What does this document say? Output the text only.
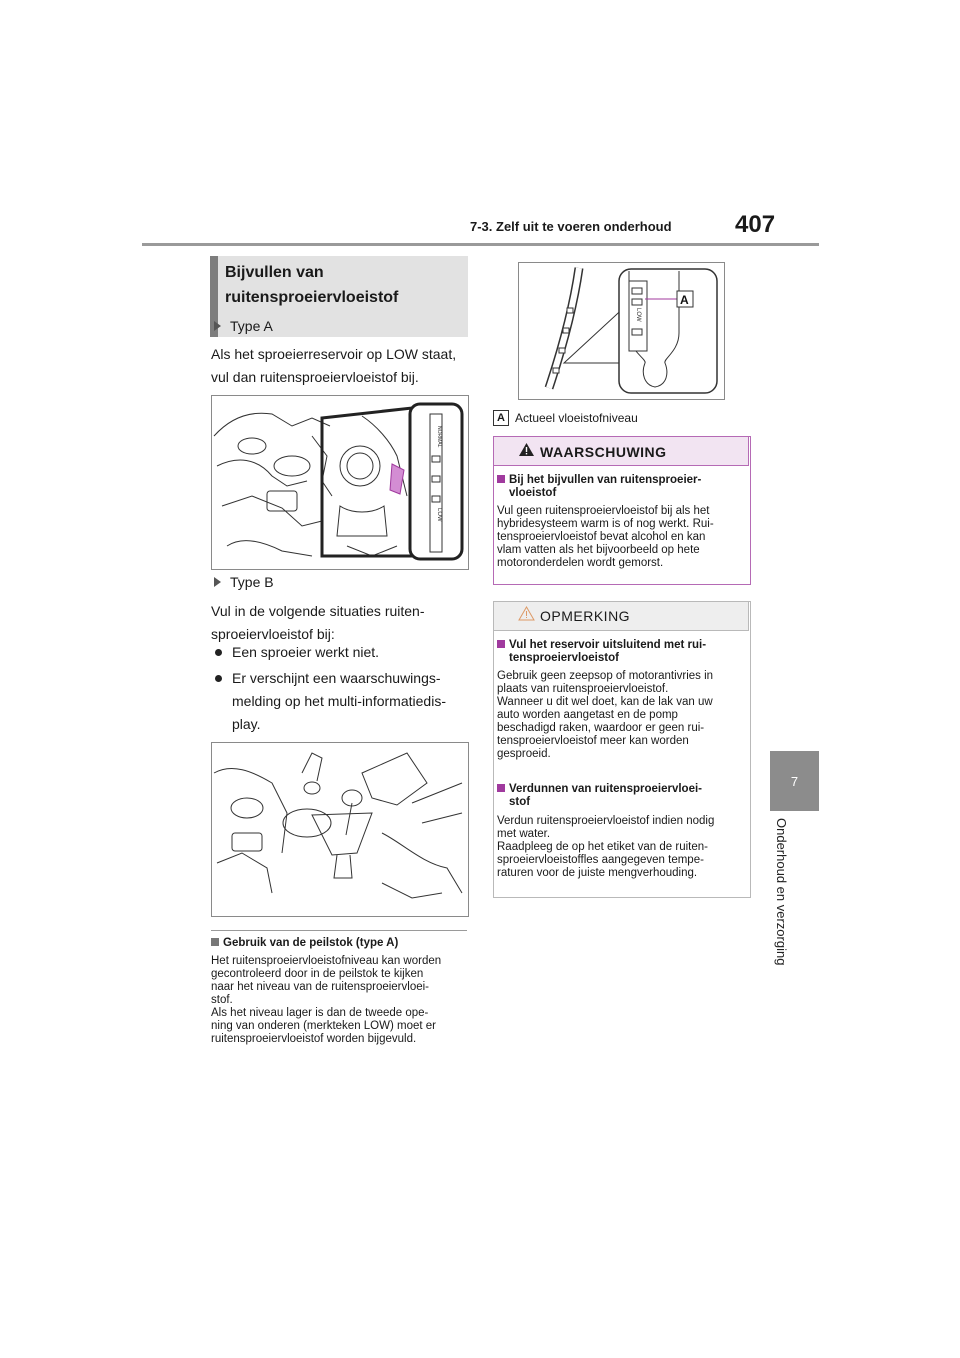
7-3. Zelf uit te voeren onderhoud	407
7
Onderhoud en verzorging
Bijvullen van
ruitensproeiervloeistof
Type A
Als het sproeierreservoir op LOW staat,
vul dan ruitensproeiervloeistof bij.
NORMAL
LOW
Type B
Vul in de volgende situaties ruiten-
sproeiervloeistof bij:
Een sproeier werkt niet.
Er verschijnt een waarschuwings-
melding op het multi-informatiedis-
play.
Gebruik van de peilstok (type A)
Het ruitensproeiervloeistofniveau kan worden
gecontroleerd door in de peilstok te kijken
naar het niveau van de ruitensproeiervloei-
stof.
Als het niveau lager is dan de tweede ope-
ning van onderen (merkteken LOW) moet er
ruitensproeiervloeistof worden bijgevuld.
LOW
A
A Actueel vloeistofniveau
WAARSCHUWING
Bij het bijvullen van ruitensproeier-
vloeistof
Vul geen ruitensproeiervloeistof bij als het
hybridesysteem warm is of nog werkt. Rui-
tensproeiervloeistof bevat alcohol en kan
vlam vatten als het bijvoorbeeld op hete
motoronderdelen wordt gemorst.
OPMERKING
Vul het reservoir uitsluitend met rui-
tensproeiervloeistof
Gebruik geen zeepsop of motorantivries in
plaats van ruitensproeiervloeistof.
Wanneer u dit wel doet, kan de lak van uw
auto worden aangetast en de pomp
beschadigd raken, waardoor er geen rui-
tensproeiervloeistof meer kan worden
gesproeid.
Verdunnen van ruitensproeiervloei-
stof
Verdun ruitensproeiervloeistof indien nodig
met water.
Raadpleeg de op het etiket van de ruiten-
sproeiervloeistoffles aangegeven tempe-
raturen voor de juiste mengverhouding.
